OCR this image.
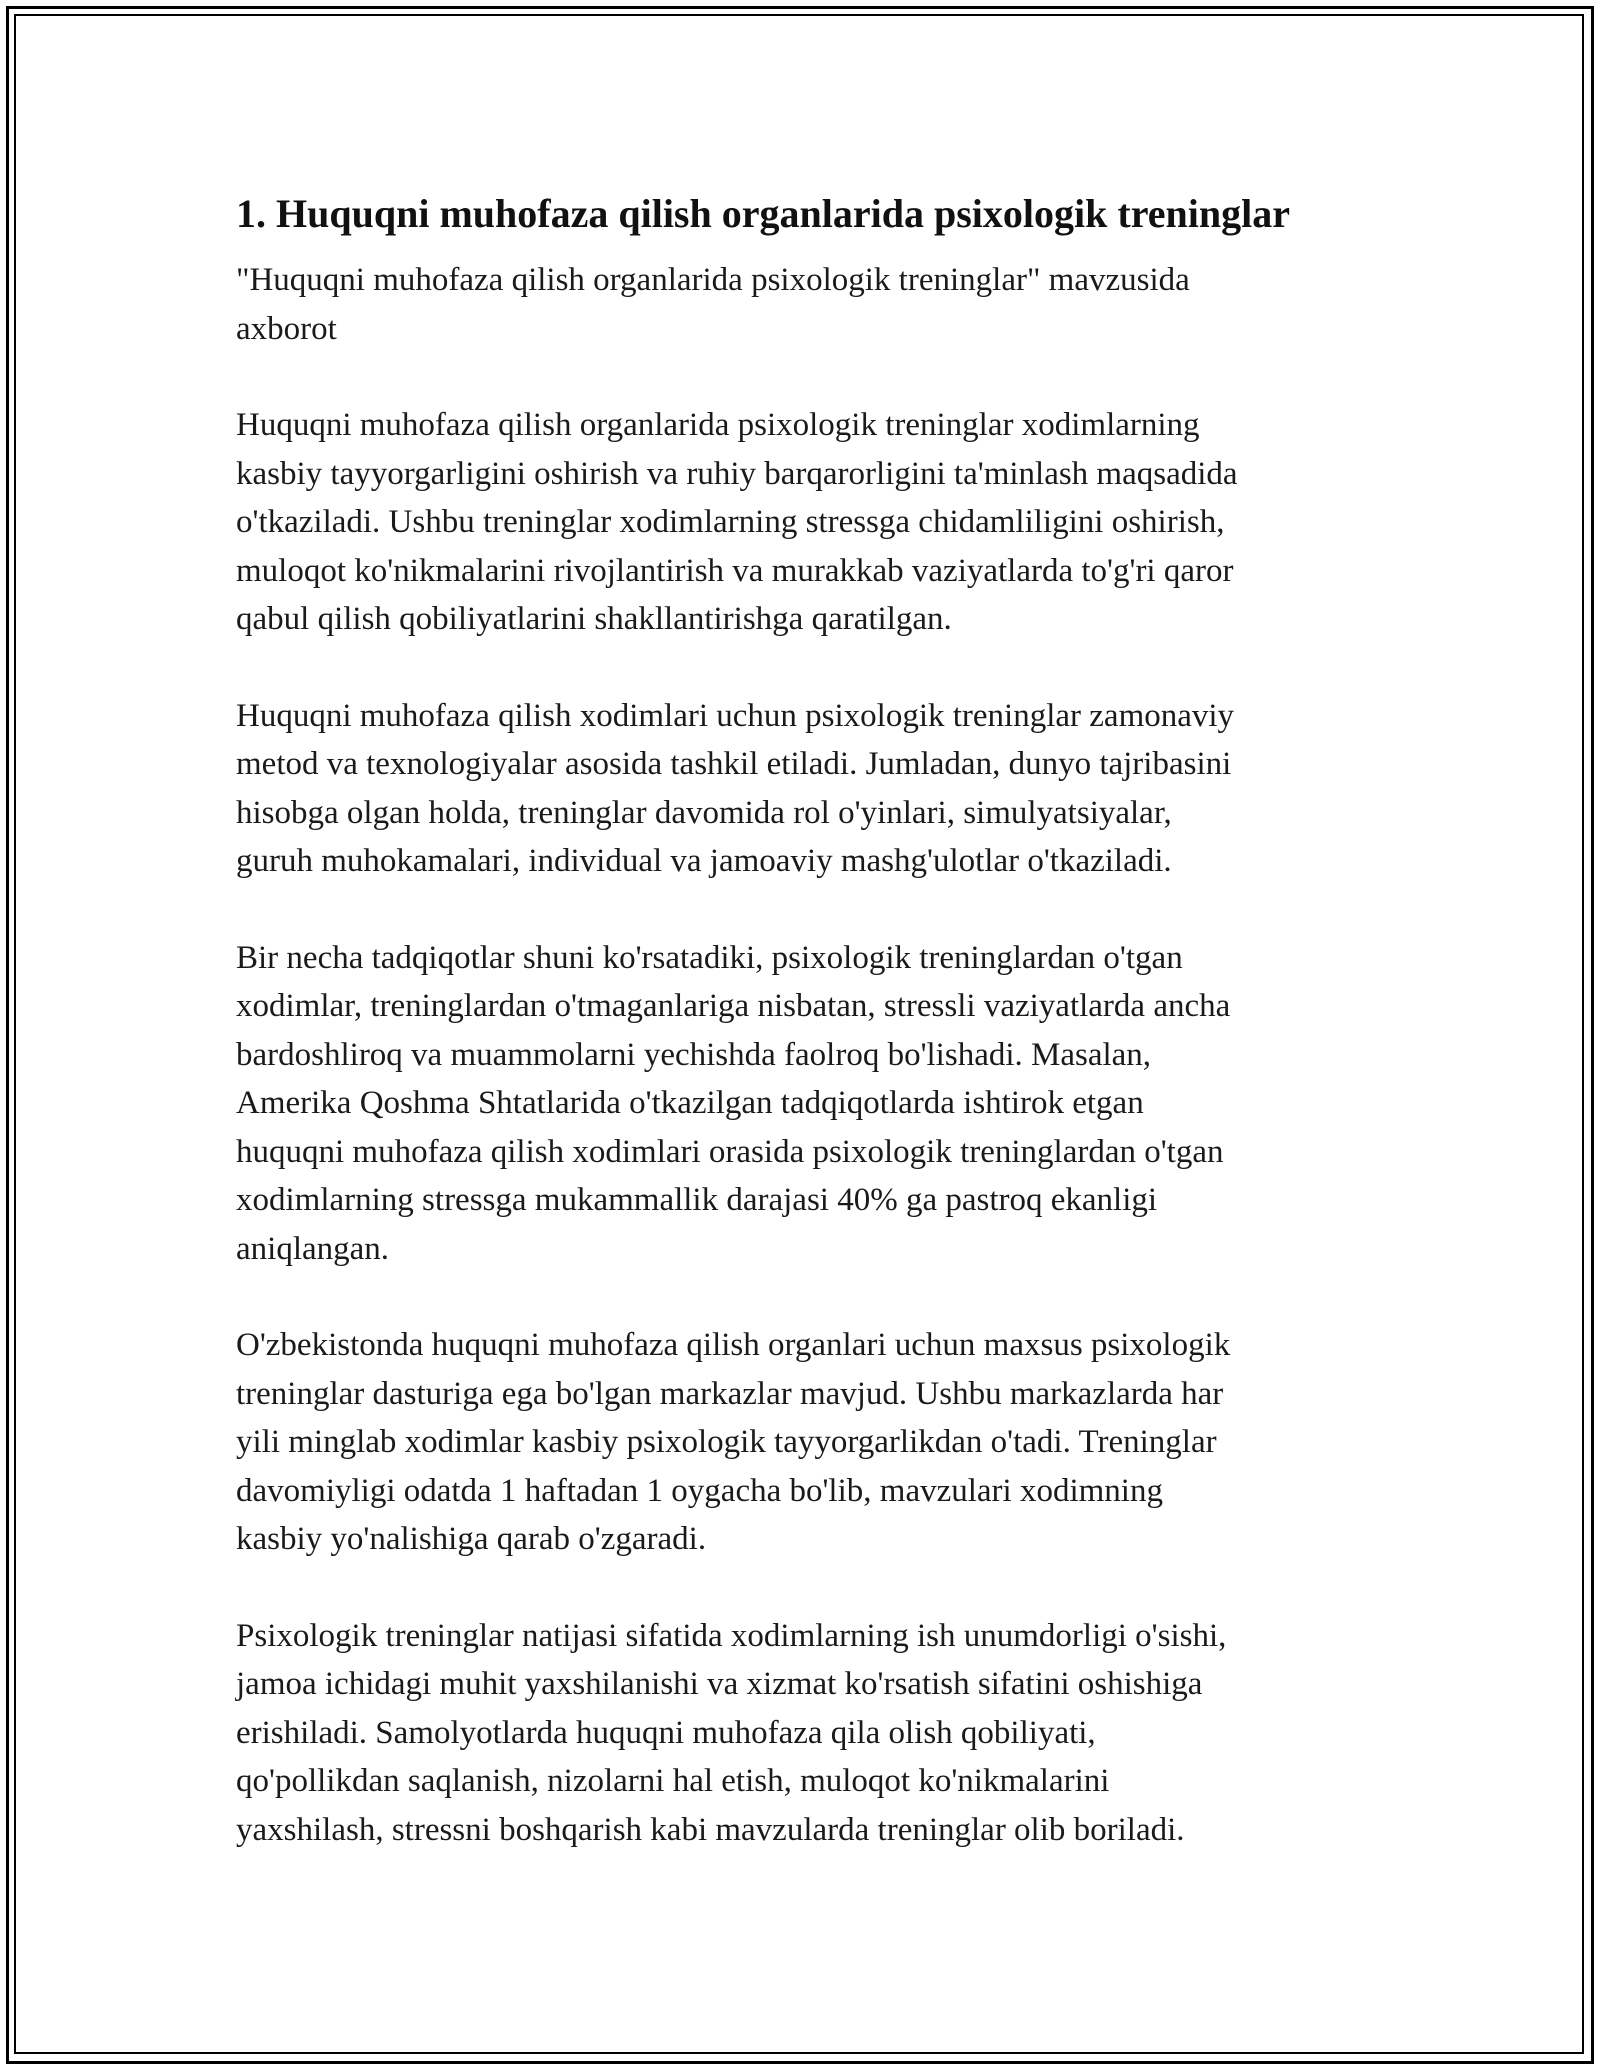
1. Huquqni muhofaza qilish organlarida psixologik treninglar

"Huquqni muhofaza qilish organlarida psixologik treninglar" mavzusida
axborot

Huquqni muhofaza qilish organlarida psixologik treninglar xodimlarning
kasbiy tayyorgarligini oshirish va ruhiy barqarorligini ta'minlash maqsadida
o'tkaziladi. Ushbu treninglar xodimlarning stressga chidamliligini oshirish,
muloqot ko'nikmalarini rivojlantirish va murakkab vaziyatlarda to'g'ri qaror
qabul qilish qobiliyatlarini shakllantirishga qaratilgan.

Huquqni muhofaza qilish xodimlari uchun psixologik treninglar zamonaviy
metod va texnologiyalar asosida tashkil etiladi. Jumladan, dunyo tajribasini
hisobga olgan holda, treninglar davomida rol o'yinlari, simulyatsiyalar,
guruh muhokamalari, individual va jamoaviy mashg'ulotlar o'tkaziladi.

Bir necha tadqiqotlar shuni ko'rsatadiki, psixologik treninglardan o'tgan
xodimlar, treninglardan o'tmaganlariga nisbatan, stressli vaziyatlarda ancha
bardoshliroq va muammolarni yechishda faolroq bo'lishadi. Masalan,
Amerika Qoshma Shtatlarida o'tkazilgan tadqiqotlarda ishtirok etgan
huquqni muhofaza qilish xodimlari orasida psixologik treninglardan o'tgan
xodimlarning stressga mukammallik darajasi 40% ga pastroq ekanligi
aniqlangan.

O'zbekistonda huquqni muhofaza qilish organlari uchun maxsus psixologik
treninglar dasturiga ega bo'lgan markazlar mavjud. Ushbu markazlarda har
yili minglab xodimlar kasbiy psixologik tayyorgarlikdan o'tadi. Treninglar
davomiyligi odatda 1 haftadan 1 oygacha bo'lib, mavzulari xodimning
kasbiy yo'nalishiga qarab o'zgaradi.

Psixologik treninglar natijasi sifatida xodimlarning ish unumdorligi o'sishi,
jamoa ichidagi muhit yaxshilanishi va xizmat ko'rsatish sifatini oshishiga
erishiladi. Samolyotlarda huquqni muhofaza qila olish qobiliyati,
qo'pollikdan saqlanish, nizolarni hal etish, muloqot ko'nikmalarini
yaxshilash, stressni boshqarish kabi mavzularda treninglar olib boriladi.
